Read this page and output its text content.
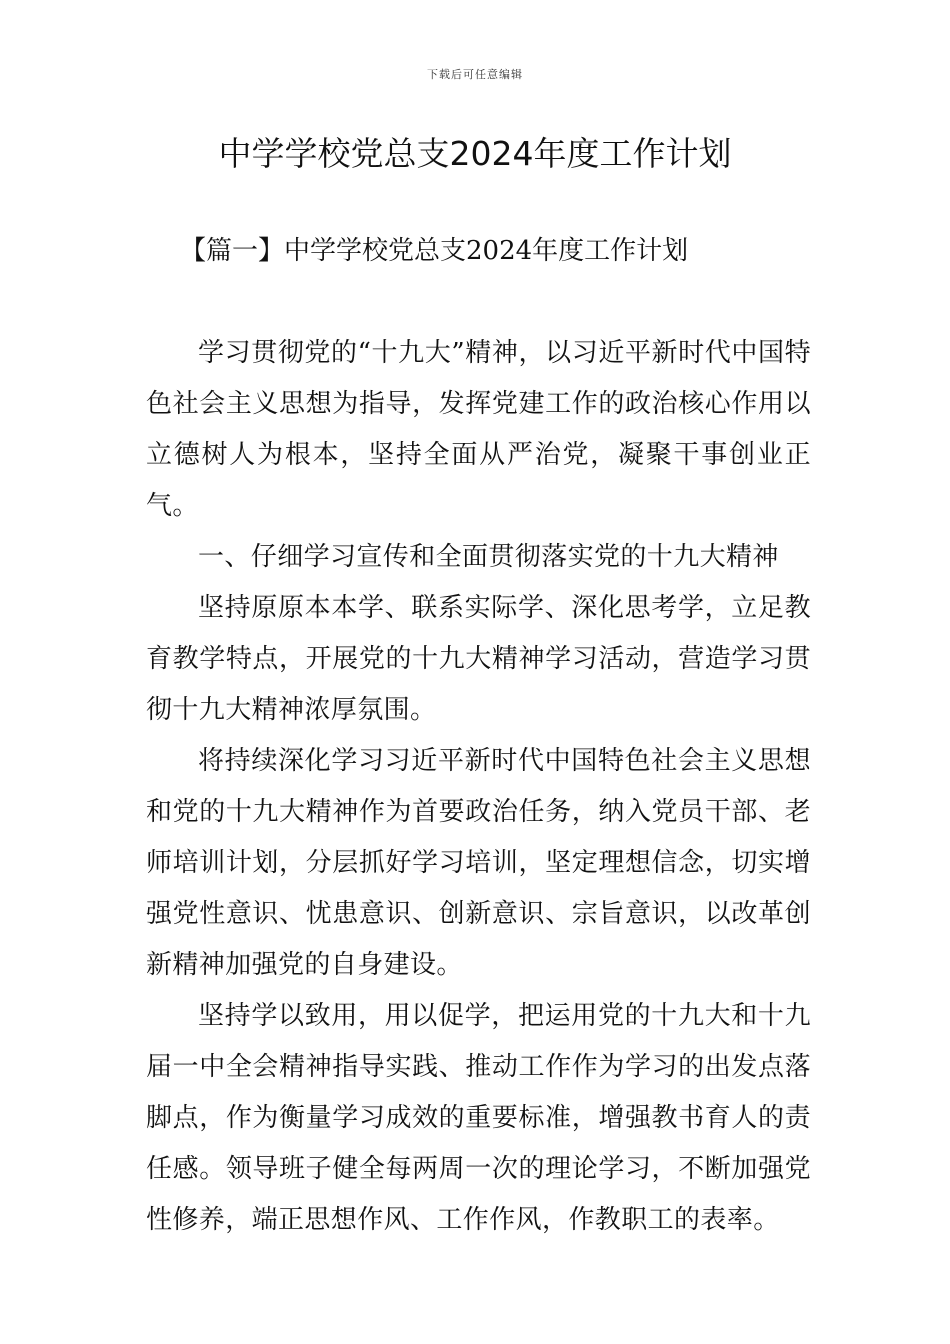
下载后可任意编辑
中学学校党总支2024年度工作计划

【篇一】中学学校党总支2024年度工作计划

学习贯彻党的“十九大”精神，以习近平新时代中国特色社会主义思想为指导，发挥党建工作的政治核心作用以立德树人为根本，坚持全面从严治党，凝聚干事创业正气。

一、仔细学习宣传和全面贯彻落实党的十九大精神

坚持原原本本学、联系实际学、深化思考学，立足教育教学特点，开展党的十九大精神学习活动，营造学习贯彻十九大精神浓厚氛围。

将持续深化学习习近平新时代中国特色社会主义思想和党的十九大精神作为首要政治任务，纳入党员干部、老师培训计划，分层抓好学习培训，坚定理想信念，切实增强党性意识、忧患意识、创新意识、宗旨意识，以改革创新精神加强党的自身建设。

坚持学以致用，用以促学，把运用党的十九大和十九届一中全会精神指导实践、推动工作作为学习的出发点落脚点，作为衡量学习成效的重要标准，增强教书育人的责任感。领导班子健全每两周一次的理论学习，不断加强党性修养，端正思想作风、工作作风，作教职工的表率。
